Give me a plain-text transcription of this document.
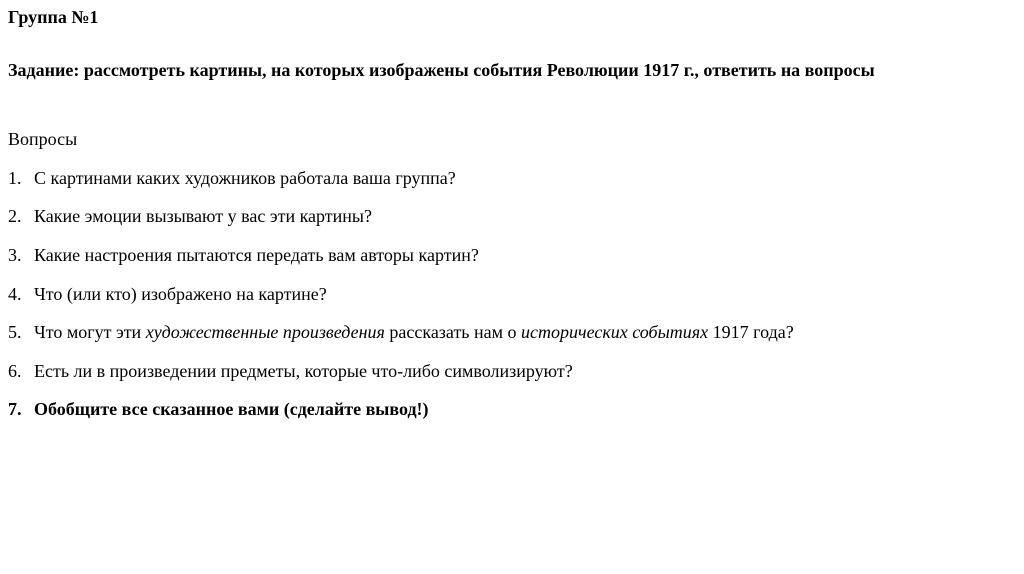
Группа №1
Задание: рассмотреть картины, на которых изображены события Революции 1917 г., ответить на вопросы
Вопросы
1. С картинами каких художников работала ваша группа?
2. Какие эмоции вызывают у вас эти картины?
3. Какие настроения пытаются передать вам авторы картин?
4. Что (или кто) изображено на картине?
5. Что могут эти художественные произведения рассказать нам о исторических событиях 1917 года?
6. Есть ли в произведении предметы, которые что-либо символизируют?
7. Обобщите все сказанное вами (сделайте вывод!)
